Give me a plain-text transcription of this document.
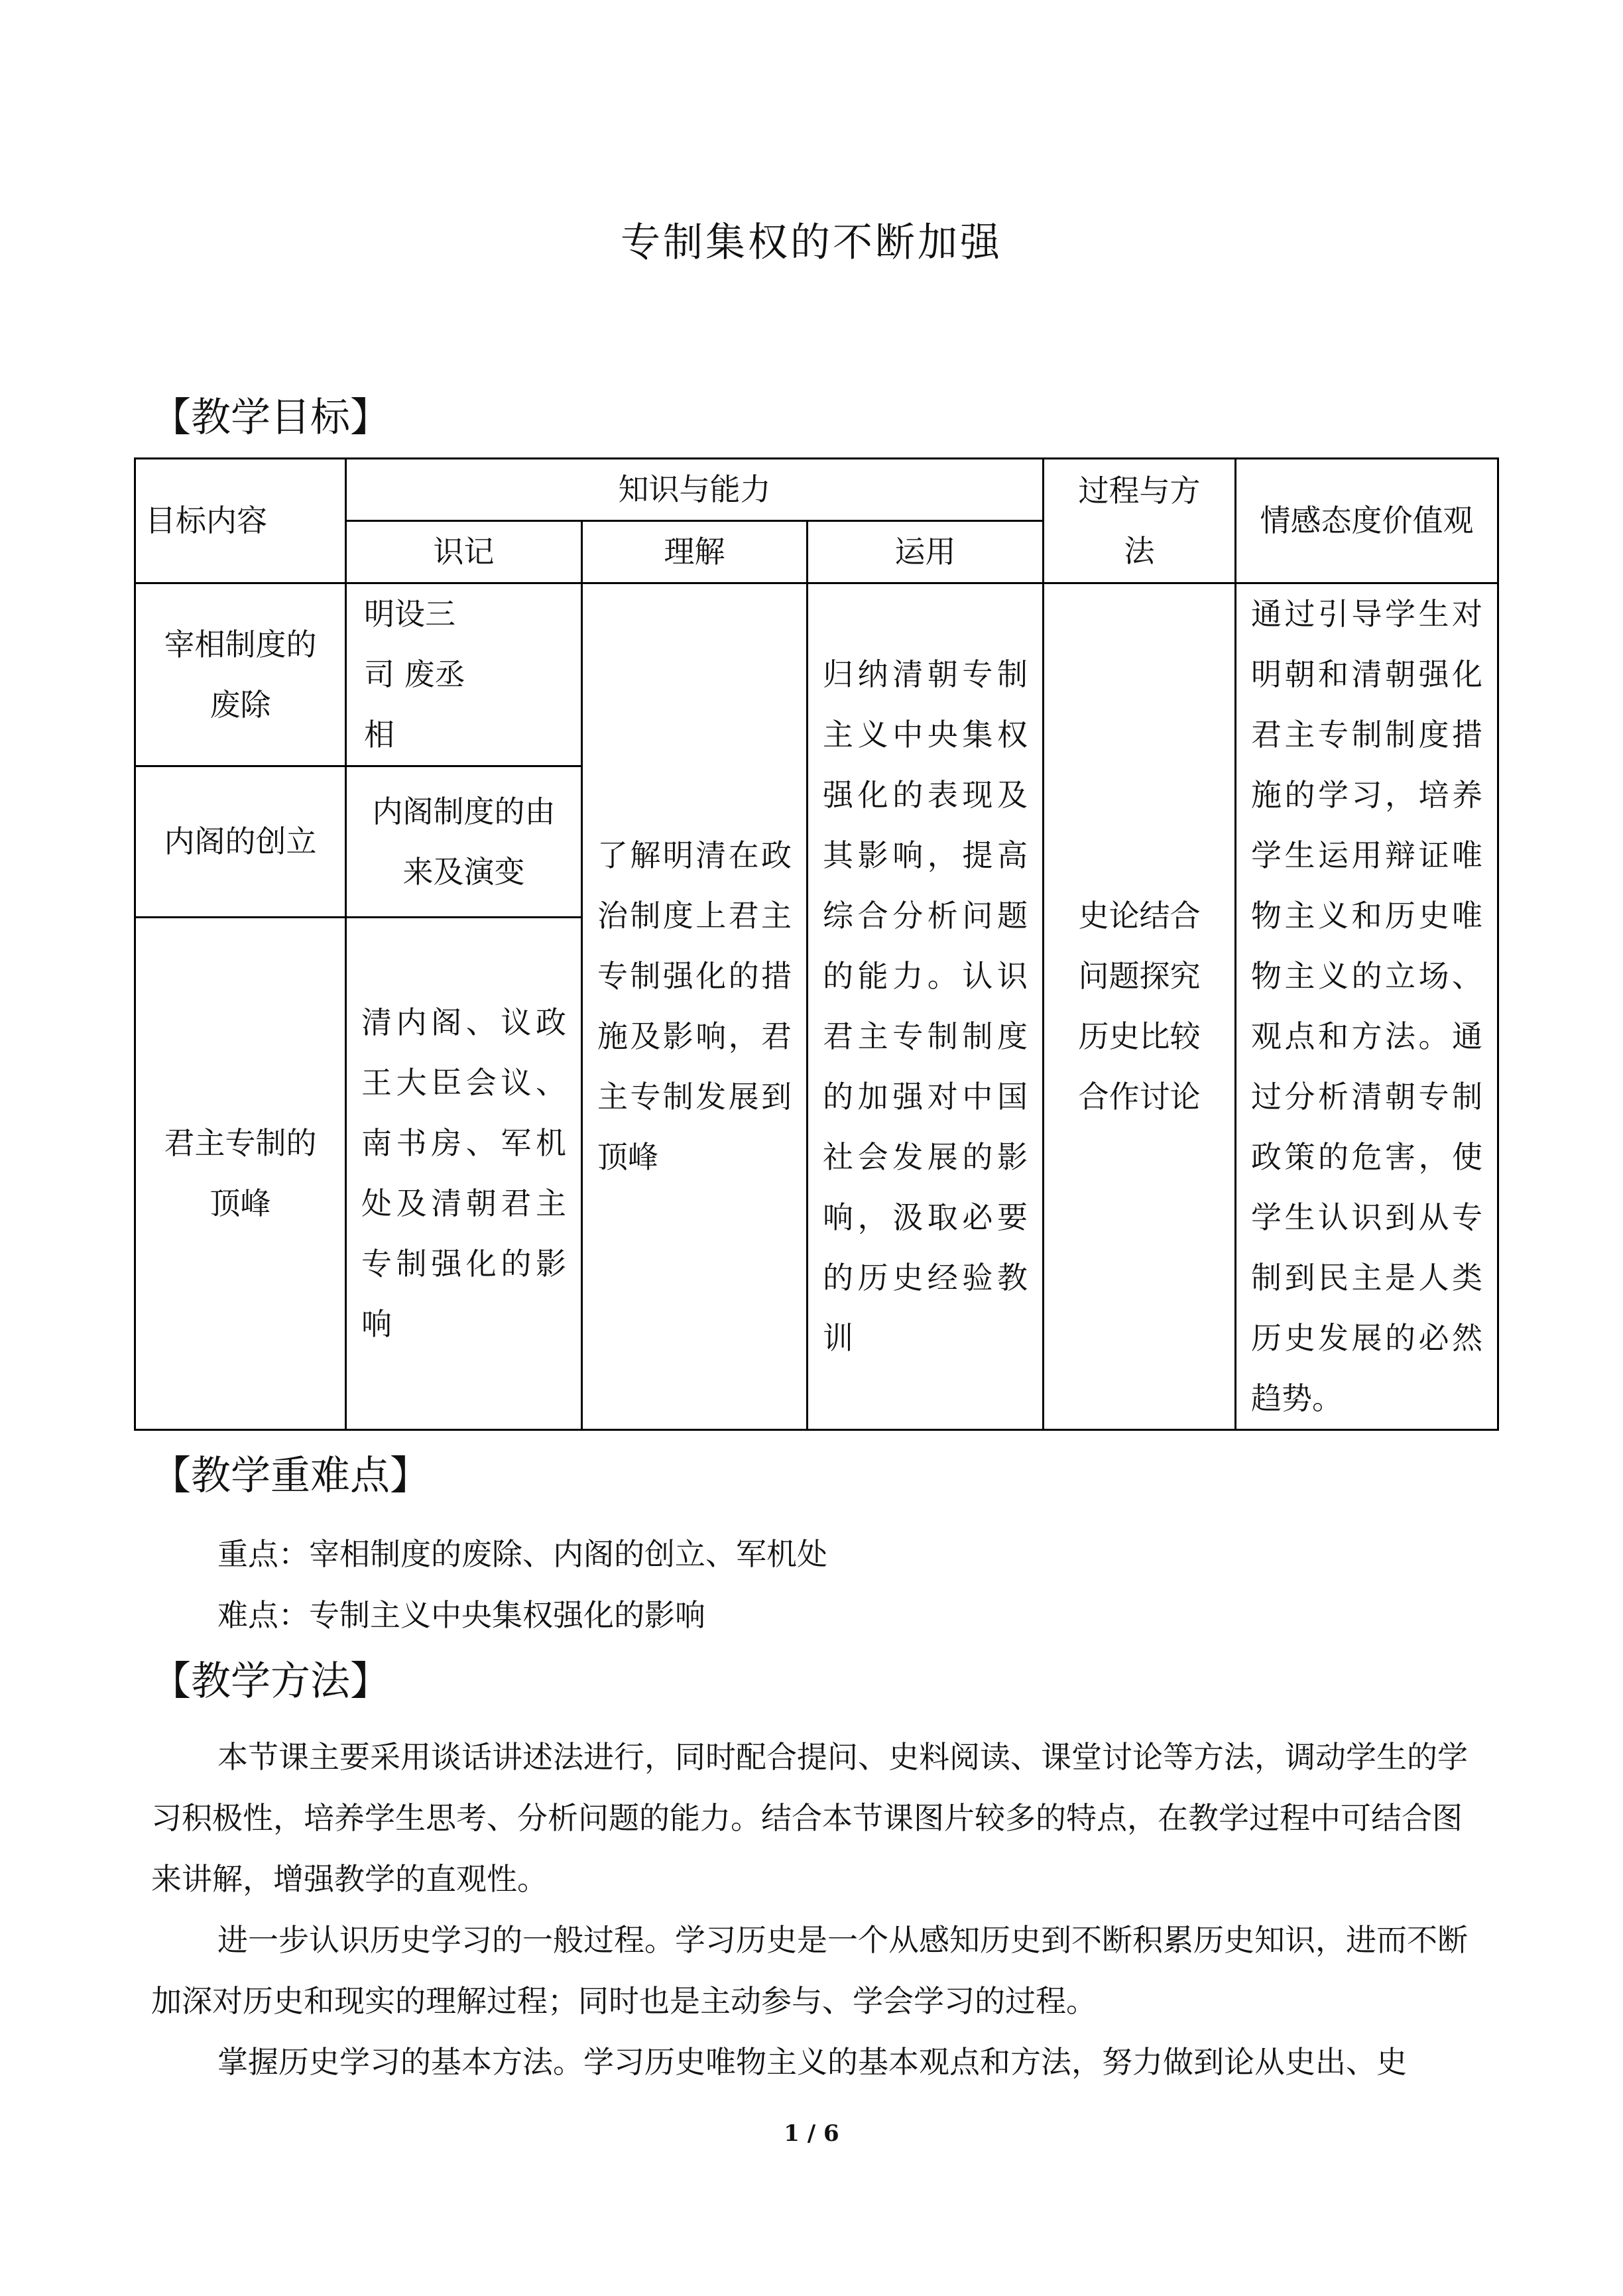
专制集权的不断加强
【教学目标】
目标内容	知识与能力			过程与方法	情感态度价值观
	识记	理解	运用		
宰相制度的废除	明设三司 废丞相	了解明清在政治制度上君主专制强化的措施及影响，君主专制发展到顶峰	归纳清朝专制主义中央集权强化的表现及其影响，提高综合分析问题的能力。认识君主专制制度的加强对中国社会发展的影响，汲取必要的历史经验教训	史论结合 问题探究 历史比较 合作讨论	通过引导学生对明朝和清朝强化君主专制制度措施的学习，培养学生运用辩证唯物主义和历史唯物主义的立场、观点和方法。通过分析清朝专制政策的危害，使学生认识到从专制到民主是人类历史发展的必然趋势。
内阁的创立	内阁制度的由来及演变				
君主专制的顶峰	清内阁、议政王大臣会议、南书房、军机处及清朝君主专制强化的影响				
【教学重难点】
重点：宰相制度的废除、内阁的创立、军机处
难点：专制主义中央集权强化的影响
【教学方法】
本节课主要采用谈话讲述法进行，同时配合提问、史料阅读、课堂讨论等方法，调动学生的学习积极性，培养学生思考、分析问题的能力。结合本节课图片较多的特点，在教学过程中可结合图来讲解，增强教学的直观性。
进一步认识历史学习的一般过程。学习历史是一个从感知历史到不断积累历史知识，进而不断加深对历史和现实的理解过程；同时也是主动参与、学会学习的过程。
掌握历史学习的基本方法。学习历史唯物主义的基本观点和方法，努力做到论从史出、史
1 / 6
